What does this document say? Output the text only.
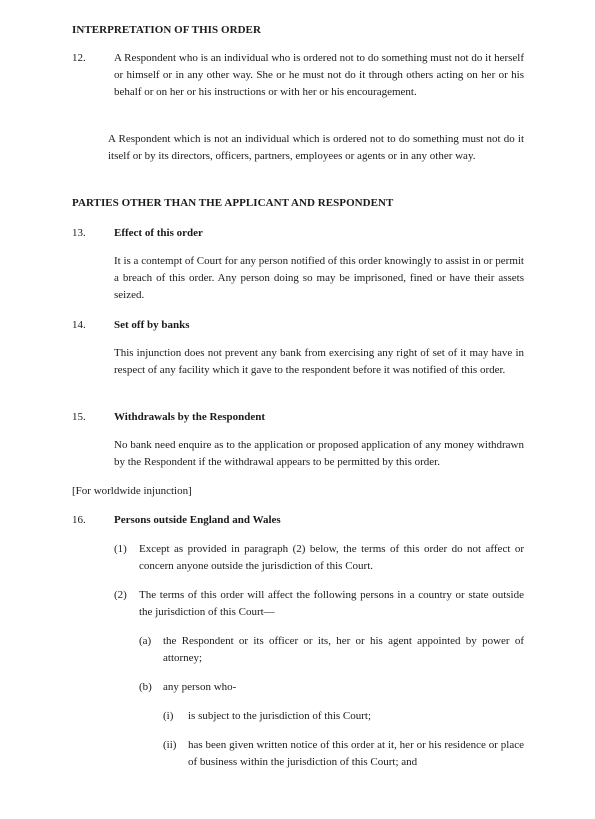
INTERPRETATION OF THIS ORDER
12.	A Respondent who is an individual who is ordered not to do something must not do it herself or himself or in any other way. She or he must not do it through others acting on her or his behalf or on her or his instructions or with her or his encouragement.

A Respondent which is not an individual which is ordered not to do something must not do it itself or by its directors, officers, partners, employees or agents or in any other way.

PARTIES OTHER THAN THE APPLICANT AND RESPONDENT
13.	Effect of this order

It is a contempt of Court for any person notified of this order knowingly to assist in or permit a breach of this order. Any person doing so may be imprisoned, fined or have their assets seized.

14.	Set off by banks

This injunction does not prevent any bank from exercising any right of set of it may have in respect of any facility which it gave to the respondent before it was notified of this order.

15.	Withdrawals by the Respondent

No bank need enquire as to the application or proposed application of any money withdrawn by the Respondent if the withdrawal appears to be permitted by this order.

[For worldwide injunction]
16.	Persons outside England and Wales
(1) Except as provided in paragraph (2) below, the terms of this order do not affect or concern anyone outside the jurisdiction of this Court.

(2) The terms of this order will affect the following persons in a country or state outside the jurisdiction of this Court—

(a) the Respondent or its officer or its, her or his agent appointed by power of attorney;

(b) any person who-

(i) is subject to the jurisdiction of this Court;

(ii) has been given written notice of this order at it, her or his residence or place of business within the jurisdiction of this Court; and
